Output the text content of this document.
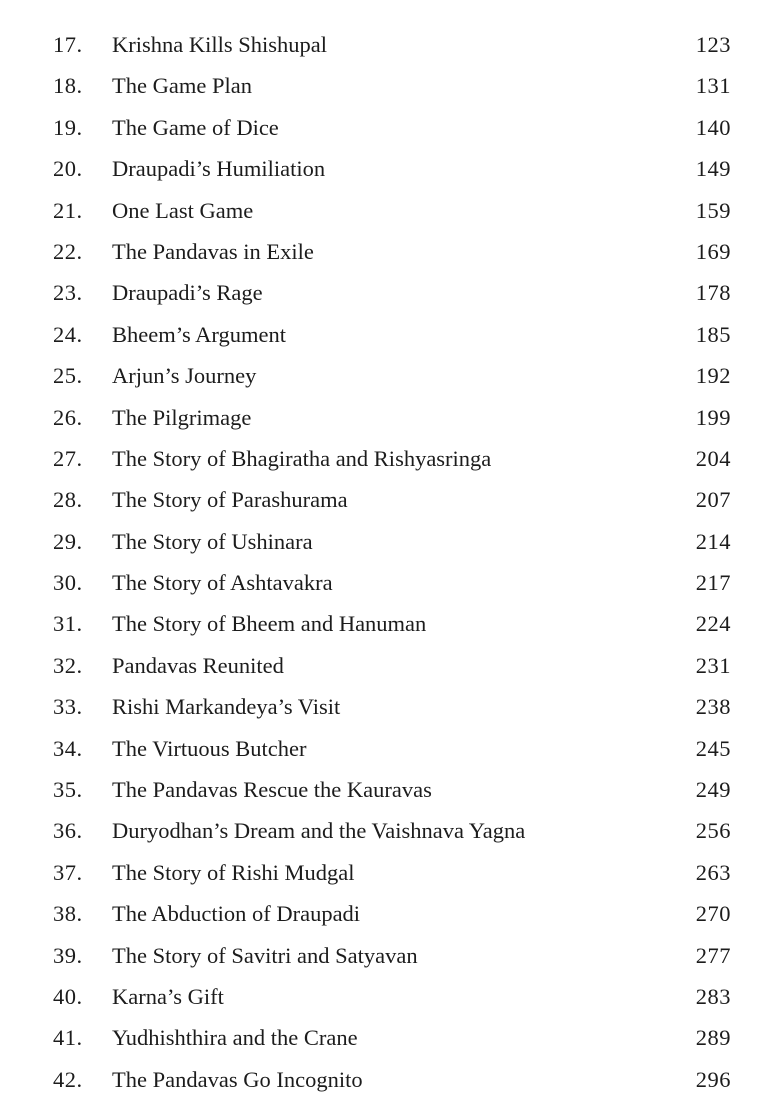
17. Krishna Kills Shishupal	123
18. The Game Plan	131
19. The Game of Dice	140
20. Draupadi’s Humiliation	149
21. One Last Game	159
22. The Pandavas in Exile	169
23. Draupadi’s Rage	178
24. Bheem’s Argument	185
25. Arjun’s Journey	192
26. The Pilgrimage	199
27. The Story of Bhagiratha and Rishyasringa	204
28. The Story of Parashurama	207
29. The Story of Ushinara	214
30. The Story of Ashtavakra	217
31. The Story of Bheem and Hanuman	224
32. Pandavas Reunited	231
33. Rishi Markandeya’s Visit	238
34. The Virtuous Butcher	245
35. The Pandavas Rescue the Kauravas	249
36. Duryodhan’s Dream and the Vaishnava Yagna	256
37. The Story of Rishi Mudgal	263
38. The Abduction of Draupadi	270
39. The Story of Savitri and Satyavan	277
40. Karna’s Gift	283
41. Yudhishthira and the Crane	289
42. The Pandavas Go Incognito	296
